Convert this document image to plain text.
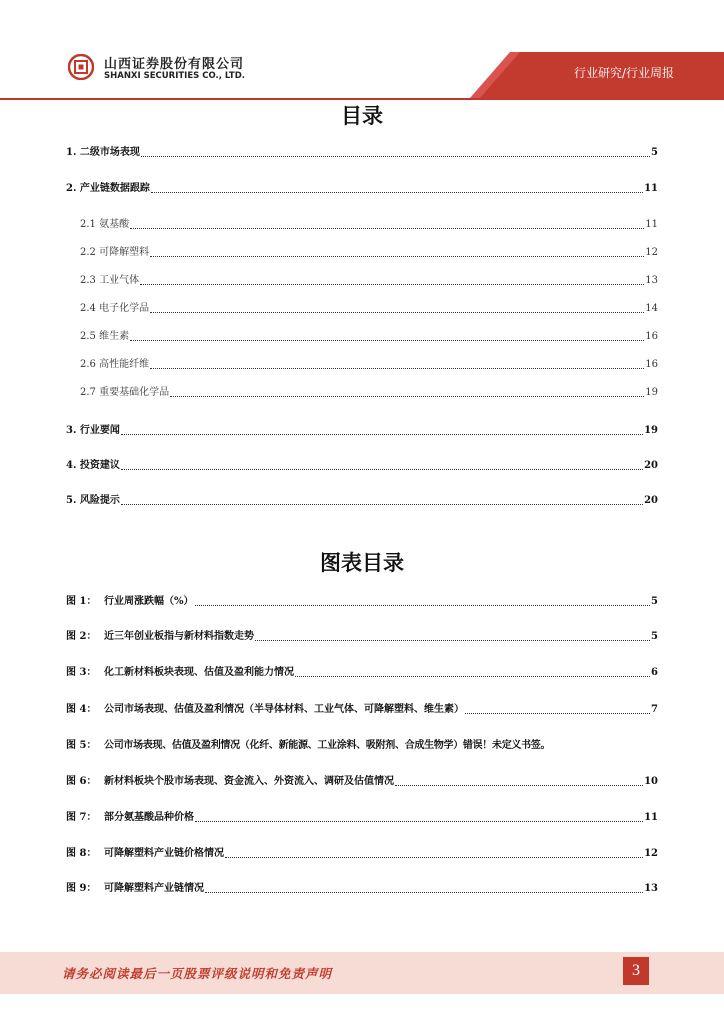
山西证券股份有限公司
SHANXI SECURITIES CO., LTD.	行业研究/行业周报
目录
1. 二级市场表现	5
2. 产业链数据跟踪	11
2.1 氨基酸	11
2.2 可降解塑料	12
2.3 工业气体	13
2.4 电子化学品	14
2.5 维生素	16
2.6 高性能纤维	16
2.7 重要基础化学品	19
3. 行业要闻	19
4. 投资建议	20
5. 风险提示	20
图表目录
图 1： 行业周涨跌幅（%）	5
图 2： 近三年创业板指与新材料指数走势	5
图 3： 化工新材料板块表现、估值及盈利能力情况	6
图 4： 公司市场表现、估值及盈利情况（半导体材料、工业气体、可降解塑料、维生素）	7
图 5： 公司市场表现、估值及盈利情况（化纤、新能源、工业涂料、吸附剂、合成生物学）错误！未定义书签。
图 6： 新材料板块个股市场表现、资金流入、外资流入、调研及估值情况	10
图 7： 部分氨基酸品种价格	11
图 8： 可降解塑料产业链价格情况	12
图 9： 可降解塑料产业链情况	13
请务必阅读最后一页股票评级说明和免责声明	3
